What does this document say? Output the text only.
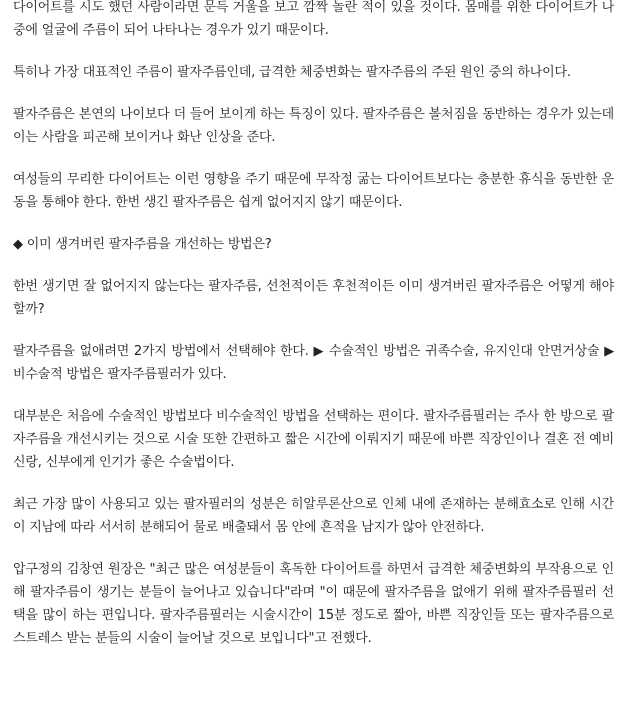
다이어트를 시도 했던 사람이라면 문득 거울을 보고 깜짝 놀란 적이 있을 것이다. 몸매를 위한 다이어트가 나중에 얼굴에 주름이 되어 나타나는 경우가 있기 때문이다.

특히나 가장 대표적인 주름이 팔자주름인데, 급격한 체중변화는 팔자주름의 주된 원인 중의 하나이다.

팔자주름은 본연의 나이보다 더 들어 보이게 하는 특징이 있다. 팔자주름은 볼처짐을 동반하는 경우가 있는데 이는 사람을 피곤해 보이거나 화난 인상을 준다.

여성들의 무리한 다이어트는 이런 영향을 주기 때문에 무작정 굶는 다이어트보다는 충분한 휴식을 동반한 운동을 통해야 한다. 한번 생긴 팔자주름은 쉽게 없어지지 않기 때문이다.

◆ 이미 생겨버린 팔자주름을 개선하는 방법은?

한번 생기면 잘 없어지지 않는다는 팔자주름, 선천적이든 후천적이든 이미 생겨버린 팔자주름은 어떻게 해야 할까?

팔자주름을 없애려면 2가지 방법에서 선택해야 한다. ▶ 수술적인 방법은 귀족수술, 유지인대 안면거상술 ▶ 비수술적 방법은 팔자주름필러가 있다.

대부분은 처음에 수술적인 방법보다 비수술적인 방법을 선택하는 편이다. 팔자주름필러는 주사 한 방으로 팔자주름을 개선시키는 것으로 시술 또한 간편하고 짧은 시간에 이뤄지기 때문에 바쁜 직장인이나 결혼 전 예비신랑, 신부에게 인기가 좋은 수술법이다.

최근 가장 많이 사용되고 있는 팔자필러의 성분은 히알루론산으로 인체 내에 존재하는 분해효소로 인해 시간이 지남에 따라 서서히 분해되어 물로 배출돼서 몸 안에 흔적을 남지가 않아 안전하다.

압구정의 김창연 원장은 "최근 많은 여성분들이 혹독한 다이어트를 하면서 급격한 체중변화의 부작용으로 인해 팔자주름이 생기는 분들이 늘어나고 있습니다"라며 "이 때문에 팔자주름을 없애기 위해 팔자주름필러 선택을 많이 하는 편입니다. 팔자주름필러는 시술시간이 15분 정도로 짧아, 바쁜 직장인들 또는 팔자주름으로 스트레스 받는 분들의 시술이 늘어날 것으로 보입니다"고 전했다.
